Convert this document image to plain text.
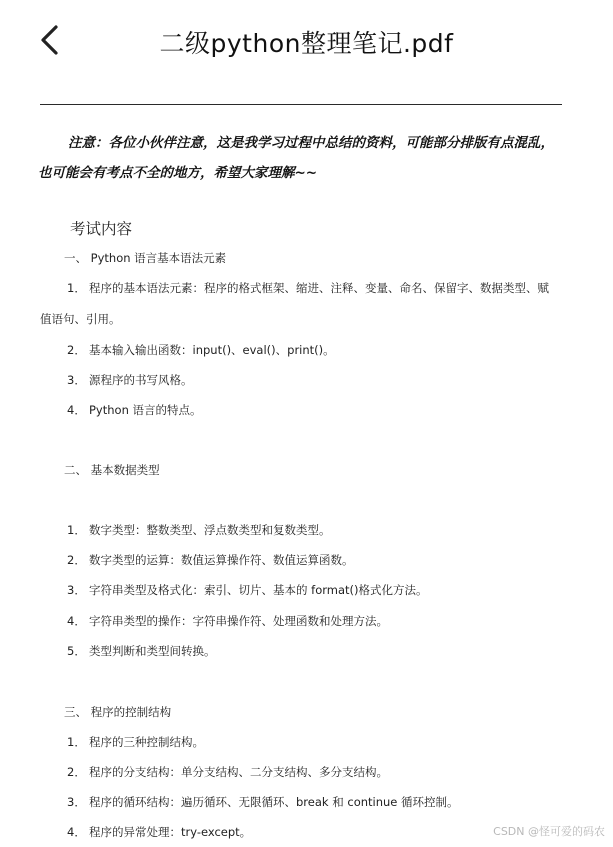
二级python整理笔记.pdf
注意：各位小伙伴注意，这是我学习过程中总结的资料，可能部分排版有点混乱，
也可能会有考点不全的地方，希望大家理解~~
考试内容
一、 Python 语言基本语法元素
1． 程序的基本语法元素：程序的格式框架、缩进、注释、变量、命名、保留字、数据类型、赋
值语句、引用。
2． 基本输入输出函数：input()、eval()、print()。
3． 源程序的书写风格。
4． Python 语言的特点。
二、 基本数据类型
1． 数字类型：整数类型、浮点数类型和复数类型。
2． 数字类型的运算：数值运算操作符、数值运算函数。
3． 字符串类型及格式化：索引、切片、基本的 format()格式化方法。
4． 字符串类型的操作：字符串操作符、处理函数和处理方法。
5． 类型判断和类型间转换。
三、 程序的控制结构
1． 程序的三种控制结构。
2． 程序的分支结构：单分支结构、二分支结构、多分支结构。
3． 程序的循环结构：遍历循环、无限循环、break 和 continue 循环控制。
4． 程序的异常处理：try-except。	CSDN @怪可爱的码农
